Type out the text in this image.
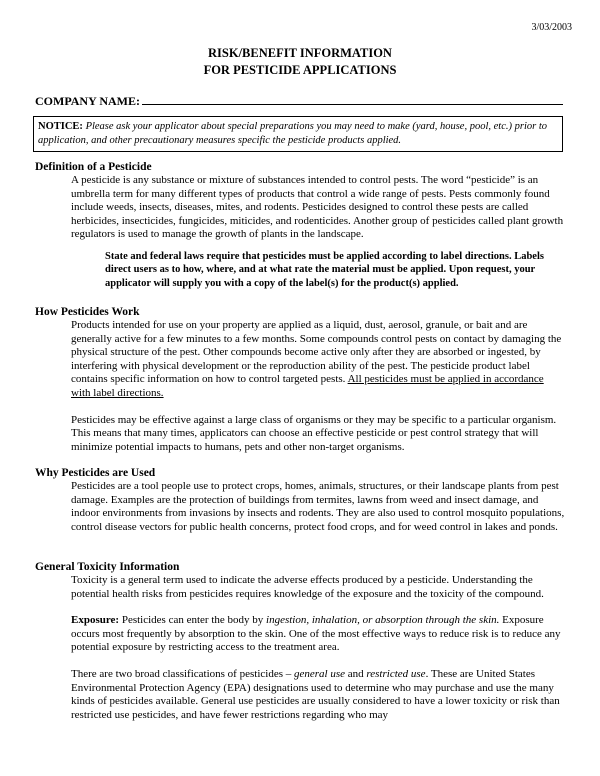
3/03/2003
RISK/BENEFIT INFORMATION
FOR PESTICIDE APPLICATIONS
COMPANY NAME:
NOTICE: Please ask your applicator about special preparations you may need to make (yard, house, pool, etc.) prior to application, and other precautionary measures specific the pesticide products applied.
Definition of a Pesticide

A pesticide is any substance or mixture of substances intended to control pests. The word “pesticide” is an umbrella term for many different types of products that control a wide range of pests. Pests commonly found include weeds, insects, diseases, mites, and rodents. Pesticides designed to control these pests are called herbicides, insecticides, fungicides, miticides, and rodenticides. Another group of pesticides called plant growth regulators is used to manage the growth of plants in the landscape.

State and federal laws require that pesticides must be applied according to label directions. Labels direct users as to how, where, and at what rate the material must be applied. Upon request, your applicator will supply you with a copy of the label(s) for the product(s) applied.
How Pesticides Work

Products intended for use on your property are applied as a liquid, dust, aerosol, granule, or bait and are generally active for a few minutes to a few months. Some compounds control pests on contact by damaging the physical structure of the pest. Other compounds become active only after they are absorbed or ingested, by interfering with physical development or the reproduction ability of the pest. The pesticide product label contains specific information on how to control targeted pests. All pesticides must be applied in accordance with label directions.

Pesticides may be effective against a large class of organisms or they may be specific to a particular organism. This means that many times, applicators can choose an effective pesticide or pest control strategy that will minimize potential impacts to humans, pets and other non-target organisms.

Why Pesticides are Used

Pesticides are a tool people use to protect crops, homes, animals, structures, or their landscape plants from pest damage. Examples are the protection of buildings from termites, lawns from weed and insect damage, and indoor environments from invasions by insects and rodents. They are also used to control mosquito populations, control disease vectors for public health concerns, protect food crops, and for weed control in lakes and ponds.

General Toxicity Information

Toxicity is a general term used to indicate the adverse effects produced by a pesticide. Understanding the potential health risks from pesticides requires knowledge of the exposure and the toxicity of the compound.

Exposure: Pesticides can enter the body by ingestion, inhalation, or absorption through the skin. Exposure occurs most frequently by absorption to the skin. One of the most effective ways to reduce risk is to reduce any potential exposure by restricting access to the treatment area.

There are two broad classifications of pesticides – general use and restricted use. These are United States Environmental Protection Agency (EPA) designations used to determine who may purchase and use the many kinds of pesticides available. General use pesticides are usually considered to have a lower toxicity or risk than restricted use pesticides, and have fewer restrictions regarding who may
